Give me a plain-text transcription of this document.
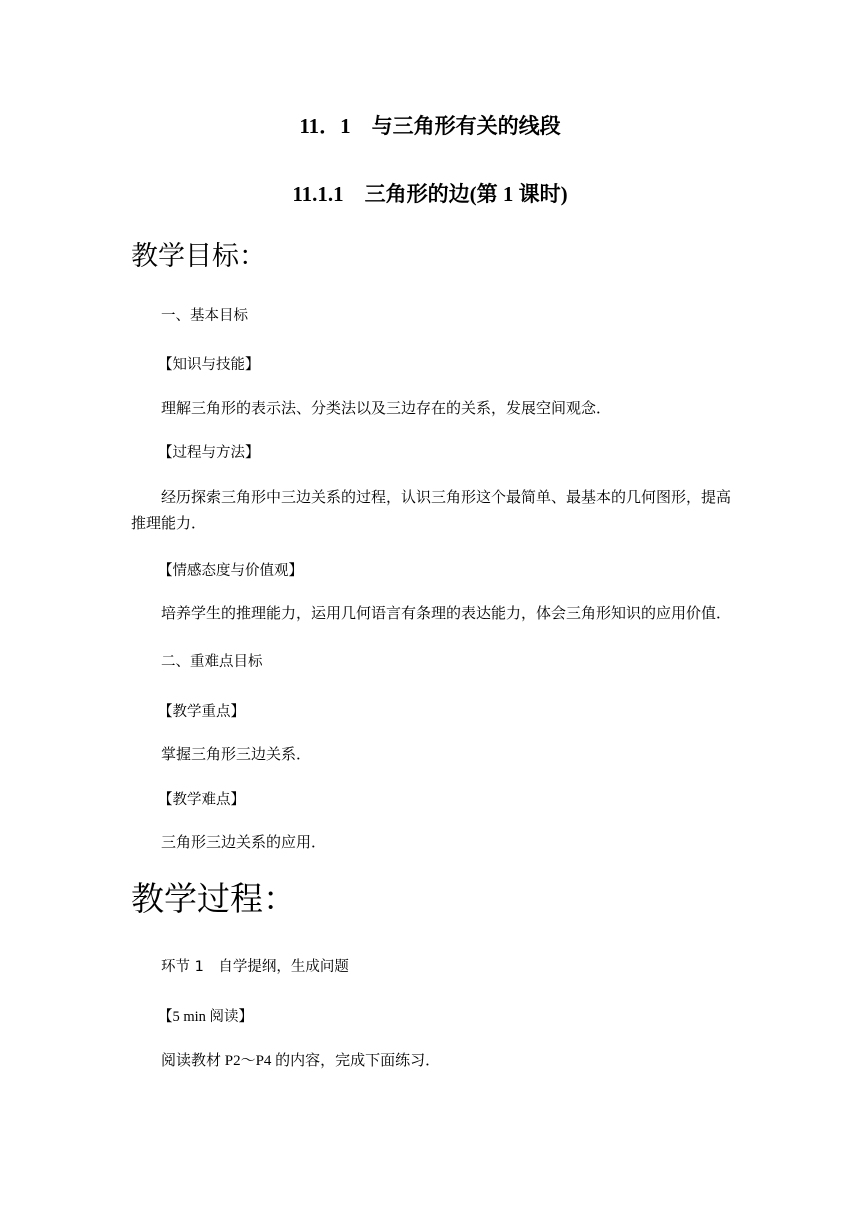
11．1　与三角形有关的线段
11.1.1　三角形的边(第 1 课时)
教学目标：
一、基本目标
【知识与技能】
理解三角形的表示法、分类法以及三边存在的关系，发展空间观念．
【过程与方法】
经历探索三角形中三边关系的过程，认识三角形这个最简单、最基本的几何图形，提高推理能力．
【情感态度与价值观】
培养学生的推理能力，运用几何语言有条理的表达能力，体会三角形知识的应用价值．
二、重难点目标
【教学重点】
掌握三角形三边关系．
【教学难点】
三角形三边关系的应用．
教学过程：
环节 1　自学提纲，生成问题
【5 min 阅读】
阅读教材 P2～P4 的内容，完成下面练习．
